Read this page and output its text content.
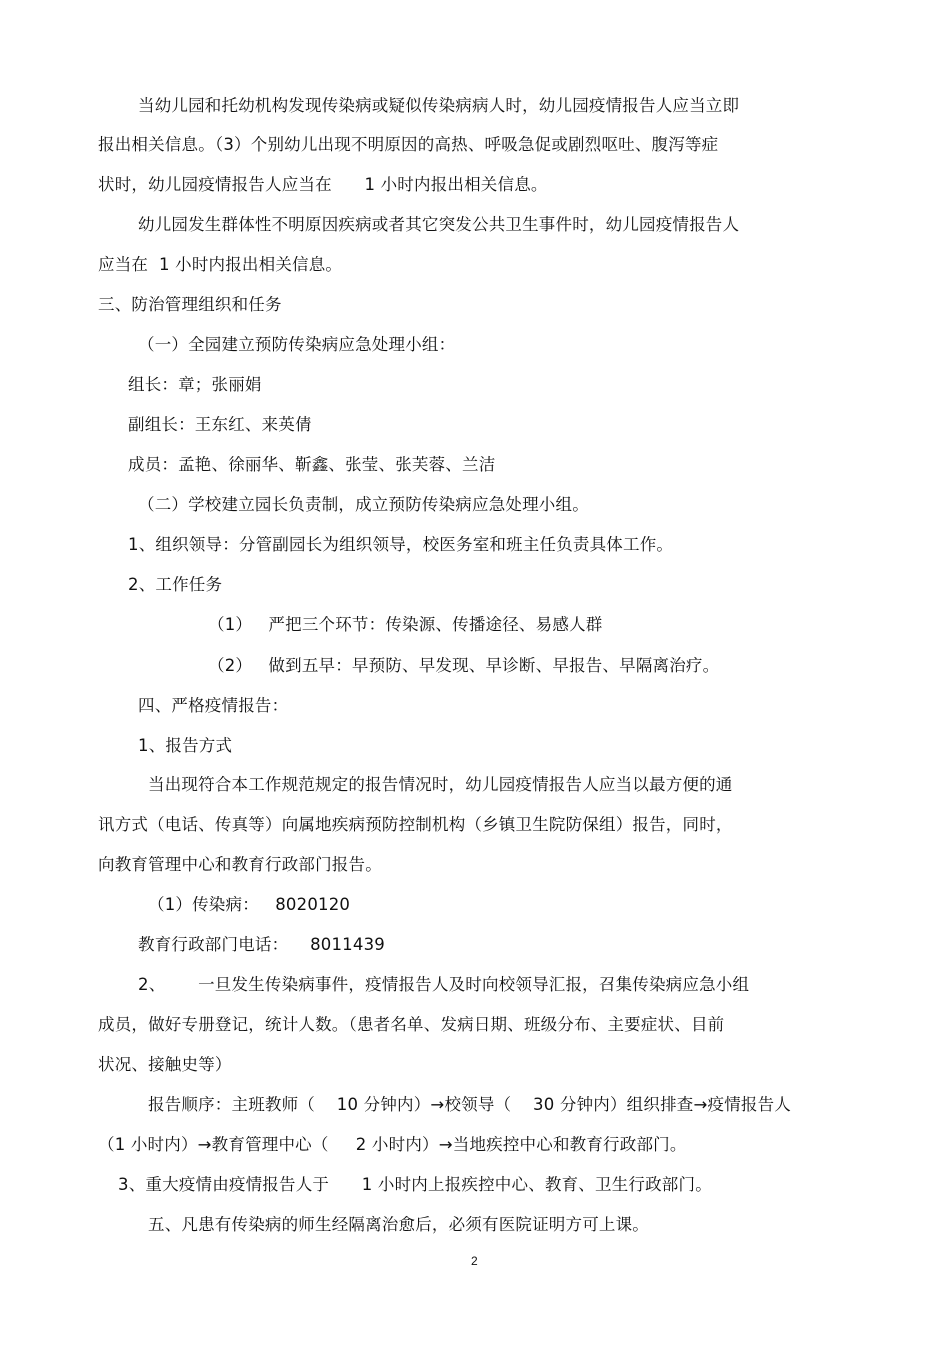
当幼儿园和托幼机构发现传染病或疑似传染病病人时，幼儿园疫情报告人应当立即
报出相关信息。（3）个别幼儿出现不明原因的高热、呼吸急促或剧烈呕吐、腹泻等症
状时，幼儿园疫情报告人应当在      1 小时内报出相关信息。
幼儿园发生群体性不明原因疾病或者其它突发公共卫生事件时，幼儿园疫情报告人
应当在  1 小时内报出相关信息。
三、防治管理组织和任务
（一）全园建立预防传染病应急处理小组：
组长：章；张丽娟
副组长：王东红、来英倩
成员：孟艳、徐丽华、靳鑫、张莹、张芙蓉、兰洁
（二）学校建立园长负责制，成立预防传染病应急处理小组。
1、组织领导：分管副园长为组织领导，校医务室和班主任负责具体工作。
2、工作任务
（1）   严把三个环节：传染源、传播途径、易感人群
（2）   做到五早：早预防、早发现、早诊断、早报告、早隔离治疗。
四、严格疫情报告：
1、报告方式
当出现符合本工作规范规定的报告情况时，幼儿园疫情报告人应当以最方便的通
讯方式（电话、传真等）向属地疾病预防控制机构（乡镇卫生院防保组）报告，同时，
向教育管理中心和教育行政部门报告。
（1）传染病：   8020120
教育行政部门电话：    8011439
2、      一旦发生传染病事件，疫情报告人及时向校领导汇报，召集传染病应急小组
成员，做好专册登记，统计人数。（患者名单、发病日期、班级分布、主要症状、目前
状况、接触史等）
报告顺序：主班教师（    10 分钟内）→校领导（    30 分钟内）组织排查→疫情报告人
（1 小时内）→教育管理中心（     2 小时内）→当地疾控中心和教育行政部门。
3、重大疫情由疫情报告人于      1 小时内上报疾控中心、教育、卫生行政部门。
五、凡患有传染病的师生经隔离治愈后，必须有医院证明方可上课。
2
